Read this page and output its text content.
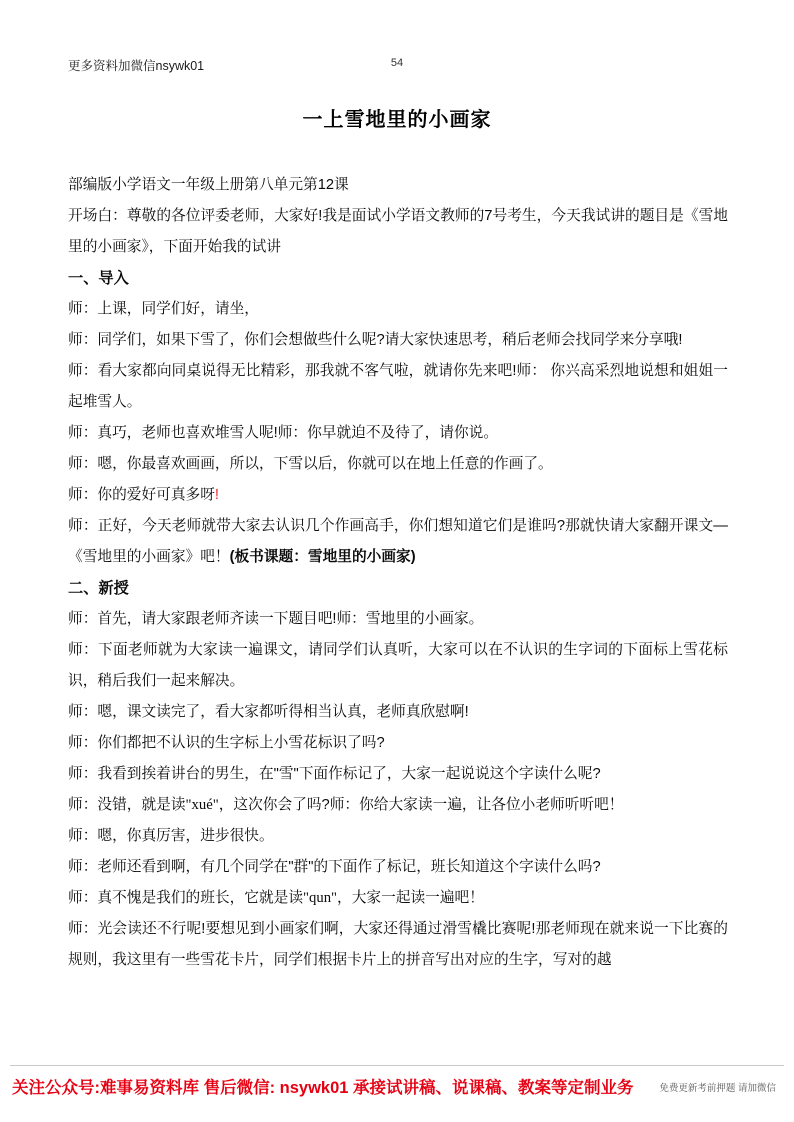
更多资料加微信nsywk01	54
一上雪地里的小画家

部编版小学语文一年级上册第八单元第12课

开场白：尊敬的各位评委老师，大家好!我是面试小学语文教师的7号考生，今天我试讲的题目是《雪地里的小画家》，下面开始我的试讲

一、导入

师：上课，同学们好，请坐，

师：同学们，如果下雪了，你们会想做些什么呢?请大家快速思考，稍后老师会找同学来分享哦!

师：看大家都向同桌说得无比精彩，那我就不客气啦，就请你先来吧!师： 你兴高采烈地说想和姐姐一起堆雪人。

师：真巧，老师也喜欢堆雪人呢!师：你早就迫不及待了，请你说。

师：嗯，你最喜欢画画，所以，下雪以后，你就可以在地上任意的作画了。

师：你的爱好可真多呀!

师：正好，今天老师就带大家去认识几个作画高手，你们想知道它们是谁吗?那就快请大家翻开课文—《雪地里的小画家》吧！(板书课题：雪地里的小画家)

二、新授

师：首先，请大家跟老师齐读一下题目吧!师：雪地里的小画家。

师：下面老师就为大家读一遍课文，请同学们认真听，大家可以在不认识的生字词的下面标上雪花标识，稍后我们一起来解决。

师：嗯，课文读完了，看大家都听得相当认真，老师真欣慰啊!

师：你们都把不认识的生字标上小雪花标识了吗?

师：我看到挨着讲台的男生，在"雪"下面作标记了，大家一起说说这个字读什么呢?

师：没错，就是读"xué"，这次你会了吗?师：你给大家读一遍，让各位小老师听听吧！

师：嗯，你真厉害，进步很快。

师：老师还看到啊，有几个同学在"群"的下面作了标记，班长知道这个字读什么吗?

师：真不愧是我们的班长，它就是读"qun"，大家一起读一遍吧！

师：光会读还不行呢!要想见到小画家们啊，大家还得通过滑雪橇比赛呢!那老师现在就来说一下比赛的规则，我这里有一些雪花卡片，同学们根据卡片上的拼音写出对应的生字，写对的越

关注公众号:难事易资料库 售后微信: nsywk01 承接试讲稿、说课稿、教案等定制业务	免费更新考前押题 请加微信
